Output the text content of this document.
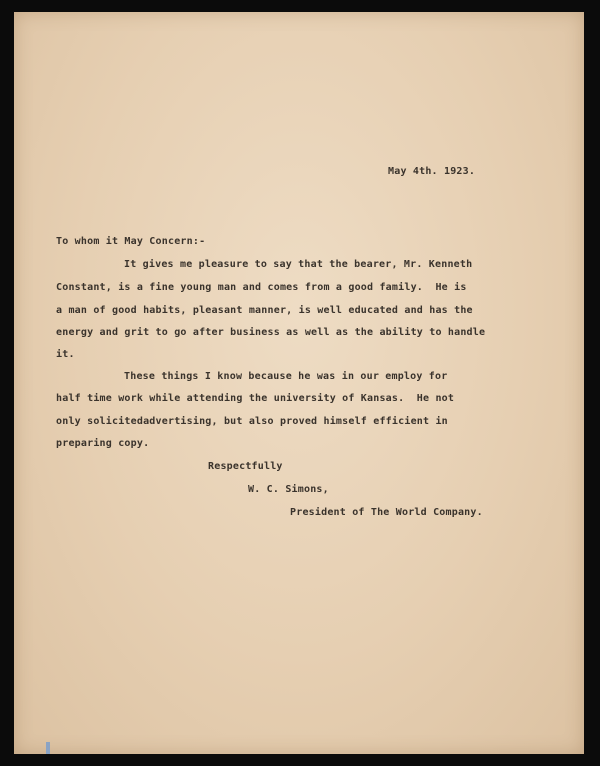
May 4th. 1923.

To whom it May Concern:-

It gives me pleasure to say that the bearer, Mr. Kenneth

Constant, is a fine young man and comes from a good family.  He is

a man of good habits, pleasant manner, is well educated and has the

energy and grit to go after business as well as the ability to handle

it.

These things I know because he was in our employ for

half time work while attending the university of Kansas.  He not

only solicitedadvertising, but also proved himself efficient in

preparing copy.

Respectfully

W. C. Simons,

President of The World Company.
